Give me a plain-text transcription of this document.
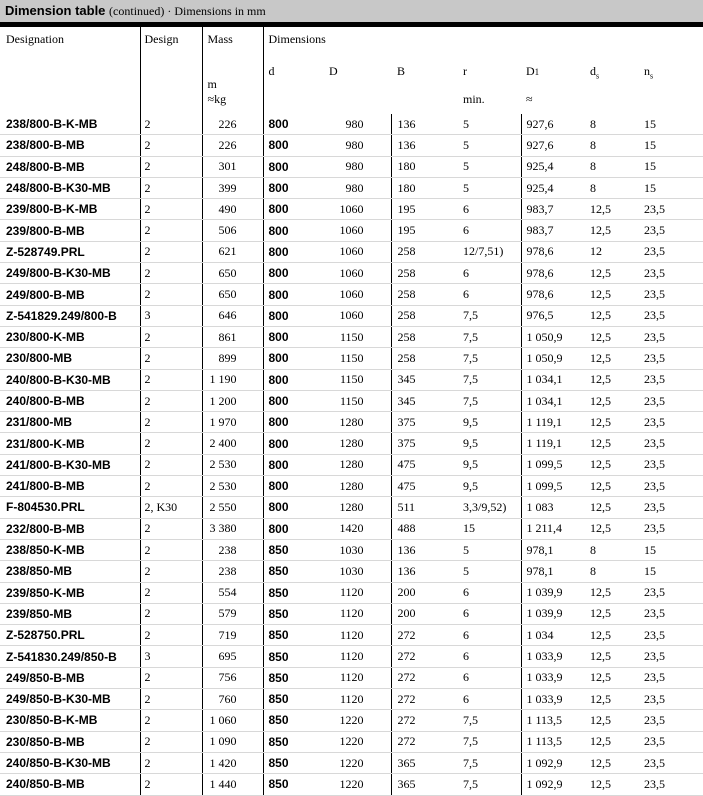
Dimension table (continued) · Dimensions in mm
Designation	Design	Mass	Dimensions						
		m	d	D	B	r	D1	$d_s$	$n_s$
		≈kg				min.	≈		
238/800-B-K-MB	2	226	800	980	136	5	927,6	8	15
238/800-B-MB	2	226	800	980	136	5	927,6	8	15
248/800-B-MB	2	301	800	980	180	5	925,4	8	15
248/800-B-K30-MB	2	399	800	980	180	5	925,4	8	15
239/800-B-K-MB	2	490	800	1060	195	6	983,7	12,5	23,5
239/800-B-MB	2	506	800	1060	195	6	983,7	12,5	23,5
Z-528749.PRL	2	621	800	1060	258	12/7,51)	978,6	12	23,5
249/800-B-K30-MB	2	650	800	1060	258	6	978,6	12,5	23,5
249/800-B-MB	2	650	800	1060	258	6	978,6	12,5	23,5
Z-541829.249/800-B	3	646	800	1060	258	7,5	976,5	12,5	23,5
230/800-K-MB	2	861	800	1150	258	7,5	1 050,9	12,5	23,5
230/800-MB	2	899	800	1150	258	7,5	1 050,9	12,5	23,5
240/800-B-K30-MB	2	1 190	800	1150	345	7,5	1 034,1	12,5	23,5
240/800-B-MB	2	1 200	800	1150	345	7,5	1 034,1	12,5	23,5
231/800-MB	2	1 970	800	1280	375	9,5	1 119,1	12,5	23,5
231/800-K-MB	2	2 400	800	1280	375	9,5	1 119,1	12,5	23,5
241/800-B-K30-MB	2	2 530	800	1280	475	9,5	1 099,5	12,5	23,5
241/800-B-MB	2	2 530	800	1280	475	9,5	1 099,5	12,5	23,5
F-804530.PRL	2, K30	2 550	800	1280	511	3,3/9,52)	1 083	12,5	23,5
232/800-B-MB	2	3 380	800	1420	488	15	1 211,4	12,5	23,5
238/850-K-MB	2	238	850	1030	136	5	978,1	8	15
238/850-MB	2	238	850	1030	136	5	978,1	8	15
239/850-K-MB	2	554	850	1120	200	6	1 039,9	12,5	23,5
239/850-MB	2	579	850	1120	200	6	1 039,9	12,5	23,5
Z-528750.PRL	2	719	850	1120	272	6	1 034	12,5	23,5
Z-541830.249/850-B	3	695	850	1120	272	6	1 033,9	12,5	23,5
249/850-B-MB	2	756	850	1120	272	6	1 033,9	12,5	23,5
249/850-B-K30-MB	2	760	850	1120	272	6	1 033,9	12,5	23,5
230/850-B-K-MB	2	1 060	850	1220	272	7,5	1 113,5	12,5	23,5
230/850-B-MB	2	1 090	850	1220	272	7,5	1 113,5	12,5	23,5
240/850-B-K30-MB	2	1 420	850	1220	365	7,5	1 092,9	12,5	23,5
240/850-B-MB	2	1 440	850	1220	365	7,5	1 092,9	12,5	23,5
